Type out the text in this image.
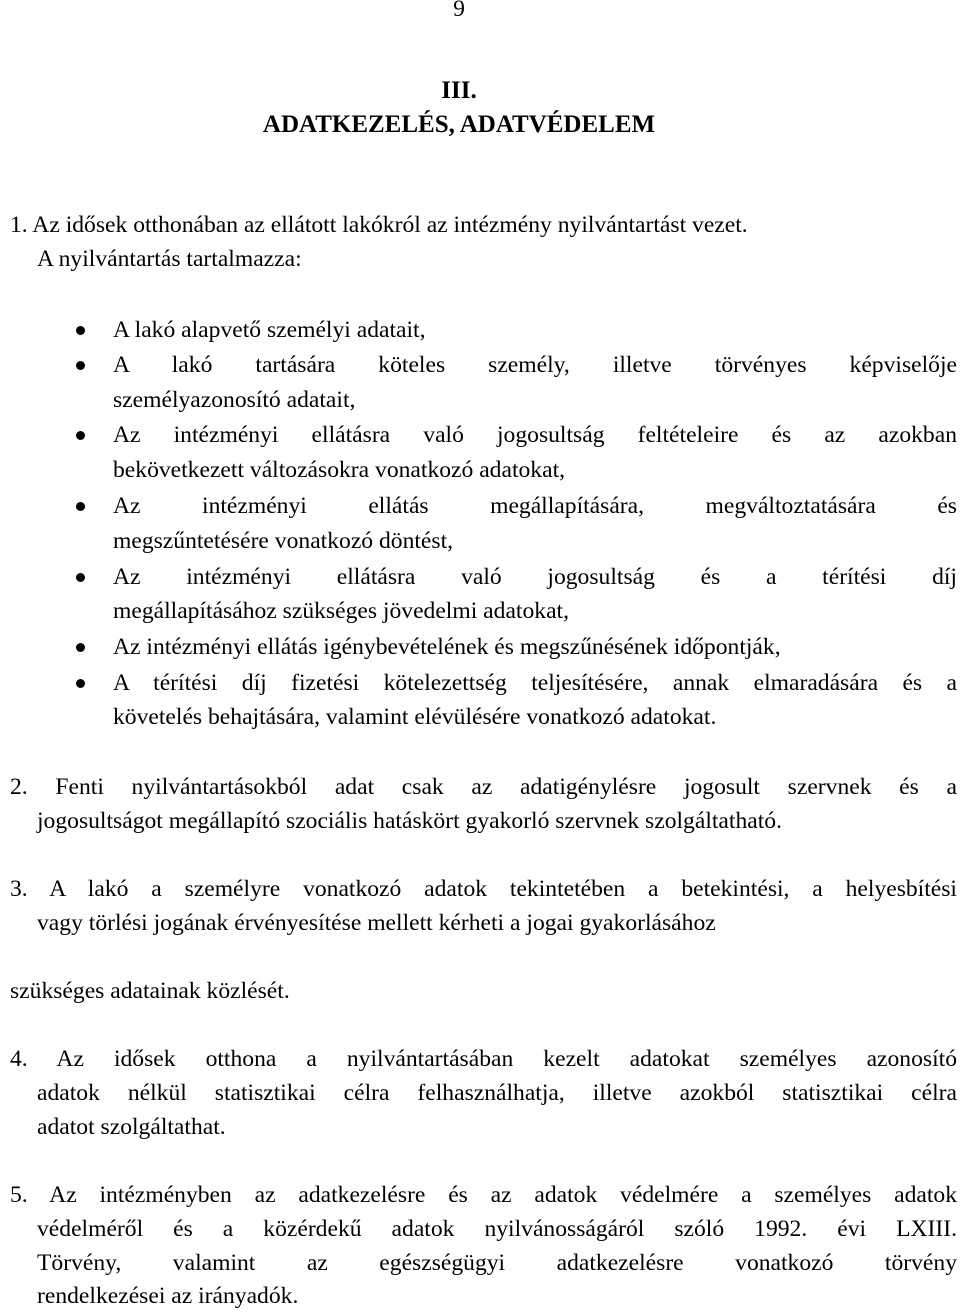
9
III.
ADATKEZELÉS, ADATVÉDELEM
1. Az idősek otthonában az ellátott lakókról az intézmény nyilvántartást vezet.
A nyilvántartás tartalmazza:
A lakó alapvető személyi adatait,
A lakó tartására köteles személy, illetve törvényes képviselője
személyazonosító adatait,
Az intézményi ellátásra való jogosultság feltételeire és az azokban
bekövetkezett változásokra vonatkozó adatokat,
Az intézményi ellátás megállapítására, megváltoztatására és
megszűntetésére vonatkozó döntést,
Az intézményi ellátásra való jogosultság és a térítési díj
megállapításához szükséges jövedelmi adatokat,
Az intézményi ellátás igénybevételének és megszűnésének időpontják,
A térítési díj fizetési kötelezettség teljesítésére, annak elmaradására és a
követelés behajtására, valamint elévülésére vonatkozó adatokat.
2. Fenti nyilvántartásokból adat csak az adatigénylésre jogosult szervnek és a
jogosultságot megállapító szociális hatáskört gyakorló szervnek szolgáltatható.
3. A lakó a személyre vonatkozó adatok tekintetében a betekintési, a helyesbítési
vagy törlési jogának érvényesítése mellett kérheti a jogai gyakorlásához
szükséges adatainak közlését.
4. Az idősek otthona a nyilvántartásában kezelt adatokat személyes azonosító
adatok nélkül statisztikai célra felhasználhatja, illetve azokból statisztikai célra
adatot szolgáltathat.
5. Az intézményben az adatkezelésre és az adatok védelmére a személyes adatok
védelméről és a közérdekű adatok nyilvánosságáról szóló 1992. évi LXIII.
Törvény, valamint az egészségügyi adatkezelésre vonatkozó törvény
rendelkezései az irányadók.
